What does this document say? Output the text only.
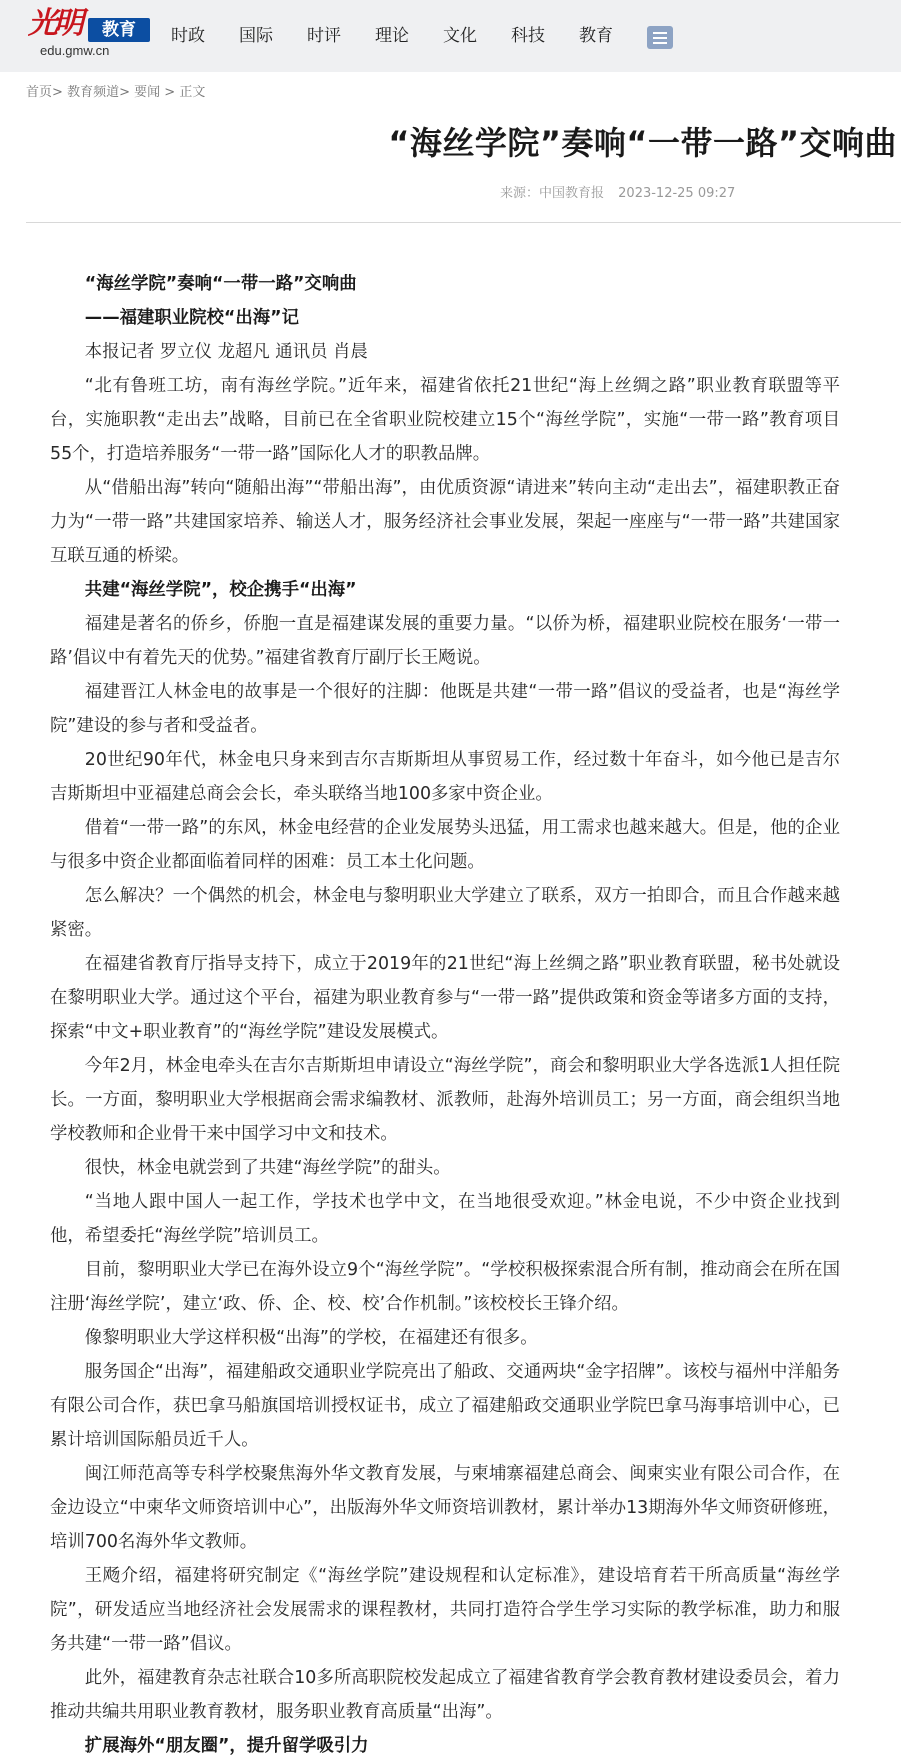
光明	教育
edu.gmw.cn
时政 国际 时评 理论 文化 科技 教育
首页> 教育频道> 要闻 > 正文
“海丝学院”奏响“一带一路”交响曲
来源：中国教育报 2023-12-25 09:27

“海丝学院”奏响“一带一路”交响曲

——福建职业院校“出海”记

本报记者 罗立仪 龙超凡 通讯员 肖晨

“北有鲁班工坊，南有海丝学院。”近年来，福建省依托21世纪“海上丝绸之路”职业教育联盟等平台，实施职教“走出去”战略，目前已在全省职业院校建立15个“海丝学院”，实施“一带一路”教育项目55个，打造培养服务“一带一路”国际化人才的职教品牌。

从“借船出海”转向“随船出海”“带船出海”，由优质资源“请进来”转向主动“走出去”，福建职教正奋力为“一带一路”共建国家培养、输送人才，服务经济社会事业发展，架起一座座与“一带一路”共建国家互联互通的桥梁。

共建“海丝学院”，校企携手“出海”

福建是著名的侨乡，侨胞一直是福建谋发展的重要力量。“以侨为桥，福建职业院校在服务‘一带一路’倡议中有着先天的优势。”福建省教育厅副厅长王飏说。

福建晋江人林金电的故事是一个很好的注脚：他既是共建“一带一路”倡议的受益者，也是“海丝学院”建设的参与者和受益者。

20世纪90年代，林金电只身来到吉尔吉斯斯坦从事贸易工作，经过数十年奋斗，如今他已是吉尔吉斯斯坦中亚福建总商会会长，牵头联络当地100多家中资企业。

借着“一带一路”的东风，林金电经营的企业发展势头迅猛，用工需求也越来越大。但是，他的企业与很多中资企业都面临着同样的困难：员工本土化问题。

怎么解决？一个偶然的机会，林金电与黎明职业大学建立了联系，双方一拍即合，而且合作越来越紧密。

在福建省教育厅指导支持下，成立于2019年的21世纪“海上丝绸之路”职业教育联盟，秘书处就设在黎明职业大学。通过这个平台，福建为职业教育参与“一带一路”提供政策和资金等诸多方面的支持，探索“中文+职业教育”的“海丝学院”建设发展模式。

今年2月，林金电牵头在吉尔吉斯斯坦申请设立“海丝学院”，商会和黎明职业大学各选派1人担任院长。一方面，黎明职业大学根据商会需求编教材、派教师，赴海外培训员工；另一方面，商会组织当地学校教师和企业骨干来中国学习中文和技术。

很快，林金电就尝到了共建“海丝学院”的甜头。

“当地人跟中国人一起工作，学技术也学中文，在当地很受欢迎。”林金电说，不少中资企业找到他，希望委托“海丝学院”培训员工。

目前，黎明职业大学已在海外设立9个“海丝学院”。“学校积极探索混合所有制，推动商会在所在国注册‘海丝学院’，建立‘政、侨、企、校、校’合作机制。”该校校长王锋介绍。

像黎明职业大学这样积极“出海”的学校，在福建还有很多。

服务国企“出海”，福建船政交通职业学院亮出了船政、交通两块“金字招牌”。该校与福州中洋船务有限公司合作，获巴拿马船旗国培训授权证书，成立了福建船政交通职业学院巴拿马海事培训中心，已累计培训国际船员近千人。

闽江师范高等专科学校聚焦海外华文教育发展，与柬埔寨福建总商会、闽柬实业有限公司合作，在金边设立“中柬华文师资培训中心”，出版海外华文师资培训教材，累计举办13期海外华文师资研修班，培训700名海外华文教师。

王飏介绍，福建将研究制定《“海丝学院”建设规程和认定标准》，建设培育若干所高质量“海丝学院”，研发适应当地经济社会发展需求的课程教材，共同打造符合学生学习实际的教学标准，助力和服务共建“一带一路”倡议。

此外，福建教育杂志社联合10多所高职院校发起成立了福建省教育学会教育教材建设委员会，着力推动共编共用职业教育教材，服务职业教育高质量“出海”。

扩展海外“朋友圈”，提升留学吸引力
